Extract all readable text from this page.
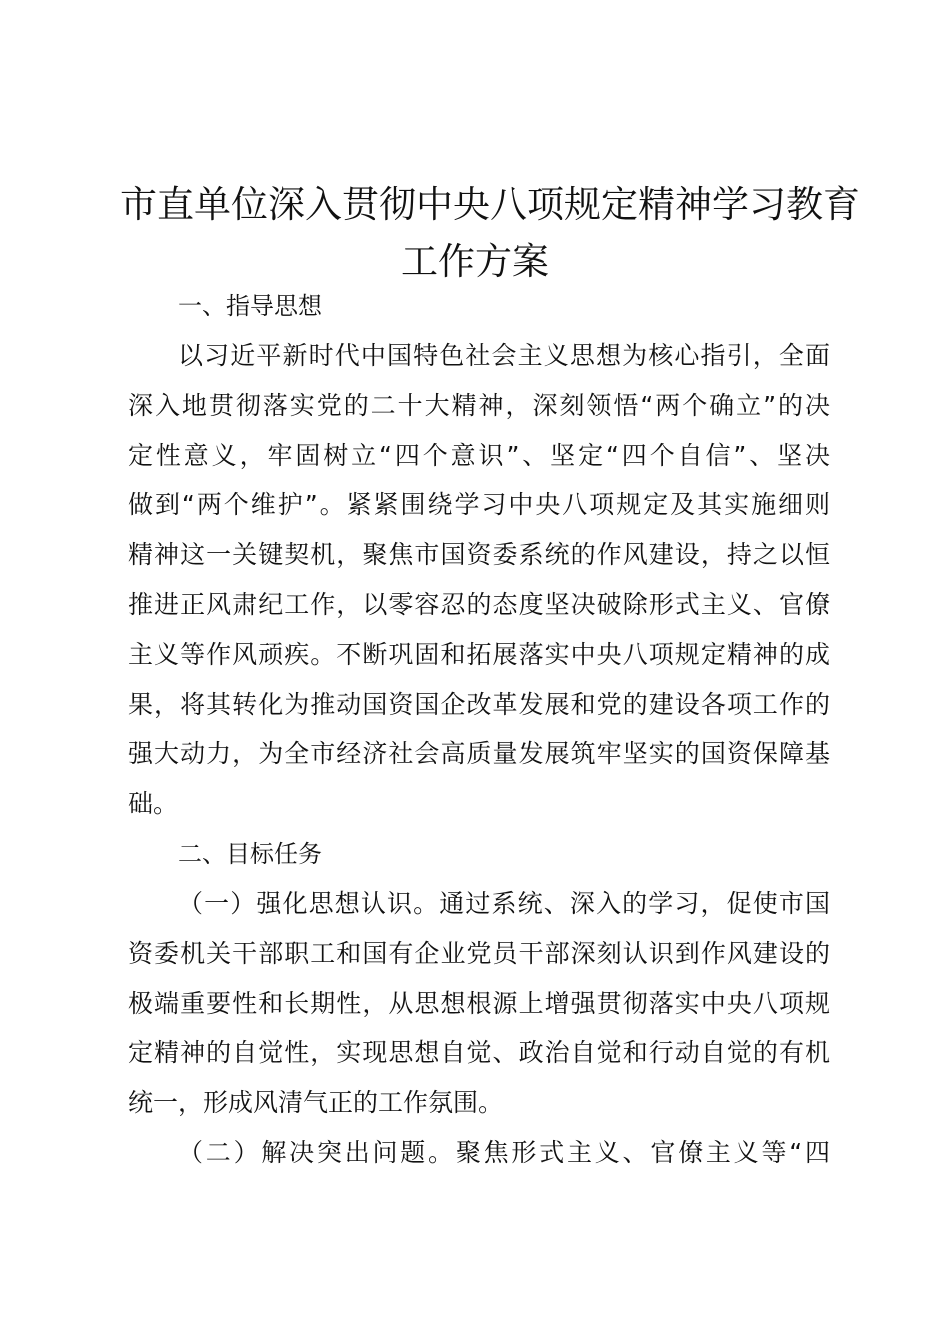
市直单位深入贯彻中央八项规定精神学习教育
工作方案
一、指导思想

以习近平新时代中国特色社会主义思想为核心指引，全面
深入地贯彻落实党的二十大精神，深刻领悟“两个确立”的决
定性意义，牢固树立“四个意识”、坚定“四个自信”、坚决
做到“两个维护”。紧紧围绕学习中央八项规定及其实施细则
精神这一关键契机，聚焦市国资委系统的作风建设，持之以恒
推进正风肃纪工作，以零容忍的态度坚决破除形式主义、官僚
主义等作风顽疾。不断巩固和拓展落实中央八项规定精神的成
果，将其转化为推动国资国企改革发展和党的建设各项工作的
强大动力，为全市经济社会高质量发展筑牢坚实的国资保障基
础。

二、目标任务

（一）强化思想认识。通过系统、深入的学习，促使市国
资委机关干部职工和国有企业党员干部深刻认识到作风建设的
极端重要性和长期性，从思想根源上增强贯彻落实中央八项规
定精神的自觉性，实现思想自觉、政治自觉和行动自觉的有机
统一，形成风清气正的工作氛围。

（二）解决突出问题。聚焦形式主义、官僚主义等“四
